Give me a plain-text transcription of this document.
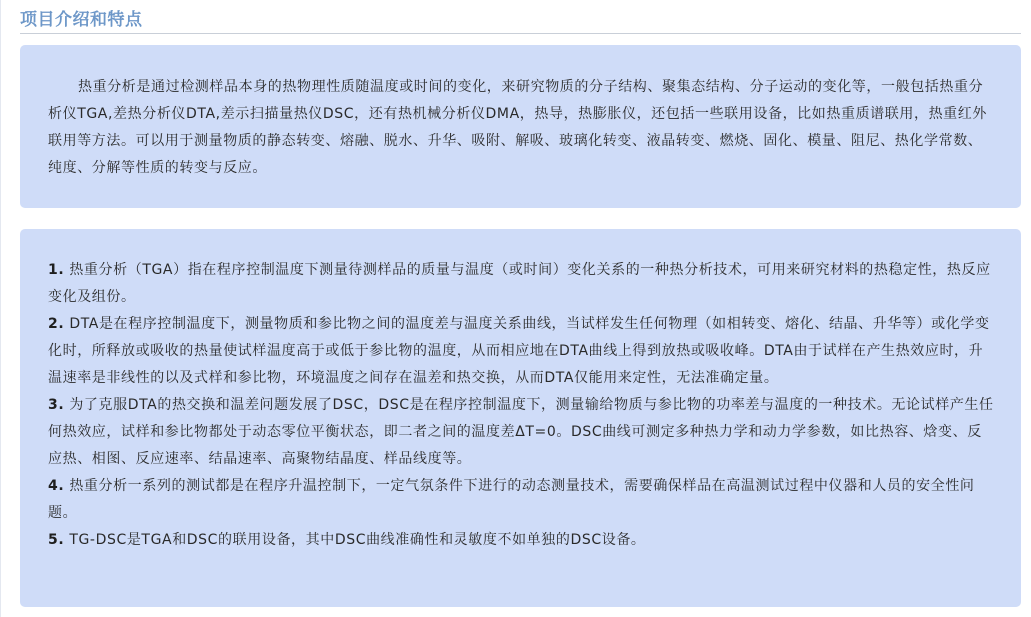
项目介绍和特点

热重分析是通过检测样品本身的热物理性质随温度或时间的变化，来研究物质的分子结构、聚集态结构、分子运动的变化等，一般包括热重分析仪TGA,差热分析仪DTA,差示扫描量热仪DSC，还有热机械分析仪DMA，热导，热膨胀仪，还包括一些联用设备，比如热重质谱联用，热重红外联用等方法。可以用于测量物质的静态转变、熔融、脱水、升华、吸附、解吸、玻璃化转变、液晶转变、燃烧、固化、模量、阻尼、热化学常数、纯度、分解等性质的转变与反应。

1. 热重分析（TGA）指在程序控制温度下测量待测样品的质量与温度（或时间）变化关系的一种热分析技术，可用来研究材料的热稳定性，热反应变化及组份。

2. DTA是在程序控制温度下，测量物质和参比物之间的温度差与温度关系曲线，当试样发生任何物理（如相转变、熔化、结晶、升华等）或化学变化时，所释放或吸收的热量使试样温度高于或低于参比物的温度，从而相应地在DTA曲线上得到放热或吸收峰。DTA由于试样在产生热效应时，升温速率是非线性的以及式样和参比物，环境温度之间存在温差和热交换，从而DTA仅能用来定性，无法准确定量。

3. 为了克服DTA的热交换和温差问题发展了DSC，DSC是在程序控制温度下，测量输给物质与参比物的功率差与温度的一种技术。无论试样产生任何热效应，试样和参比物都处于动态零位平衡状态，即二者之间的温度差ΔT=0。DSC曲线可测定多种热力学和动力学参数，如比热容、焓变、反应热、相图、反应速率、结晶速率、高聚物结晶度、样品线度等。

4. 热重分析一系列的测试都是在程序升温控制下，一定气氛条件下进行的动态测量技术，需要确保样品在高温测试过程中仪器和人员的安全性问题。

5. TG-DSC是TGA和DSC的联用设备，其中DSC曲线准确性和灵敏度不如单独的DSC设备。
